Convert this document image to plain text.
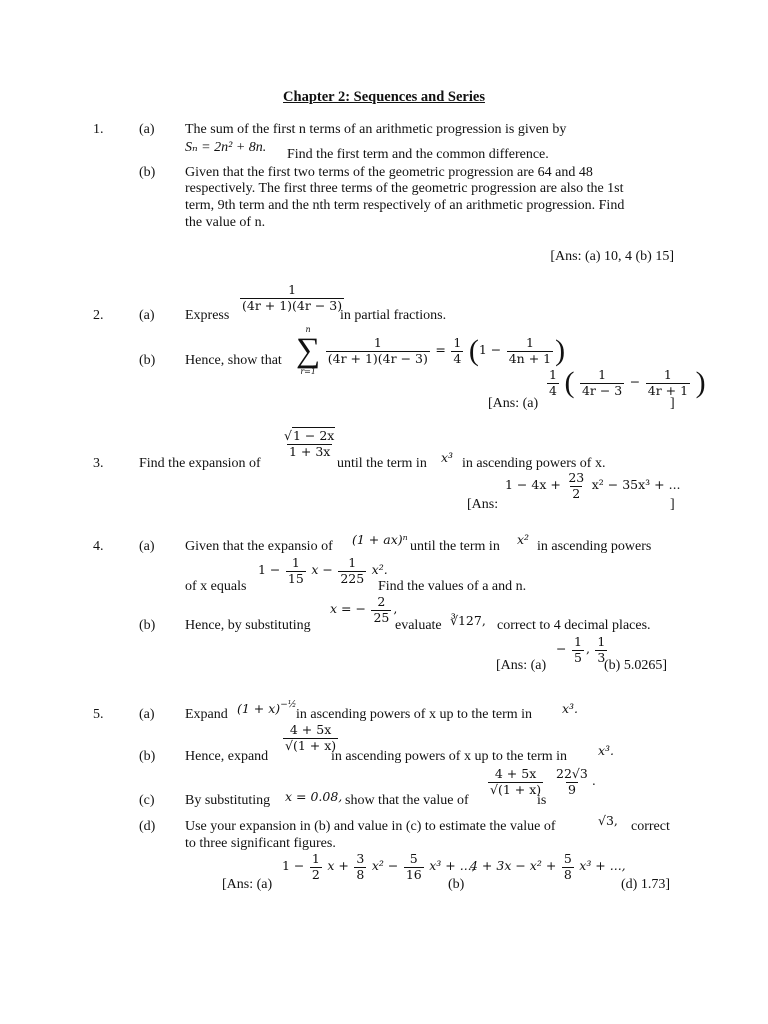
Chapter 2: Sequences and Series
1.	(a) The sum of the first n terms of an arithmetic progression is given by
Sₙ = 2n² + 8n. Find the first term and the common difference.
(b) Given that the first two terms of the geometric progression are 64 and 48
respectively. The first three terms of the geometric progression are also the 1st
term, 9th term and the nth term respectively of an arithmetic progression. Find
the value of n.
[Ans: (a) 10, 4 (b) 15]
2.	(a) Express
$\frac{1}{(4r + 1)(4r - 3)}$
in partial fractions.
(b) Hence, show that
n
∑
r=1

$\frac{1}{(4r + 1)(4r - 3)} = \frac{1}{4} (1 - \frac{1}{4n + 1}$ )
[Ans: (a)
$\frac{1}{4}$ ( $\frac{1}{4r - 3} - \frac{1}{4r + 1}$ )
]
3.	Find the expansion of
$\frac{√1 - 2x}{1 + 3x}$
until the term in x³ in ascending powers of x.
[Ans:
$1 - 4x + \frac{23}{2} x^2 - 35x^3$ + ...
]
4.	(a) Given that the expansio of (1 + ax)ⁿ until the term in x² in ascending powers
of x equals
$1 - \frac{1}{15}$ $x - \frac{1}{225} x^2$.
Find the values of a and n.
(b) Hence, by substituting
x = − $\frac{2}{25}$ ,
evaluate ∛127, correct to 4 decimal places.
[Ans: (a)
− $\frac{1}{5}$ , $\frac{1}{3}$
(b) 5.0265]
5.	(a) Expand $(1 + x)^{-\frac{1}{2}}$
in ascending powers of x up to the term in x³.
(b) Hence, expand
$\frac{4 + 5x}{√(1 + x)}$
in ascending powers of x up to the term in x³.
(c) By substituting x = 0.08, show that the value of
$\frac{4 + 5x}{√(1 + x)}$
is
$\frac{22√3}{9}$ .
(d) Use your expansion in (b) and value in (c) to estimate the value of	√3, correct
to three significant figures.
[Ans: (a)
$1 - \frac{1}{2}$ $x + \frac{3}{8} x^2 - \frac{5}{16} x^3$ + ...,
(b)
$4 + 3x - x^2 + \frac{5}{8} x^3$ + ...,
(d) 1.73]
